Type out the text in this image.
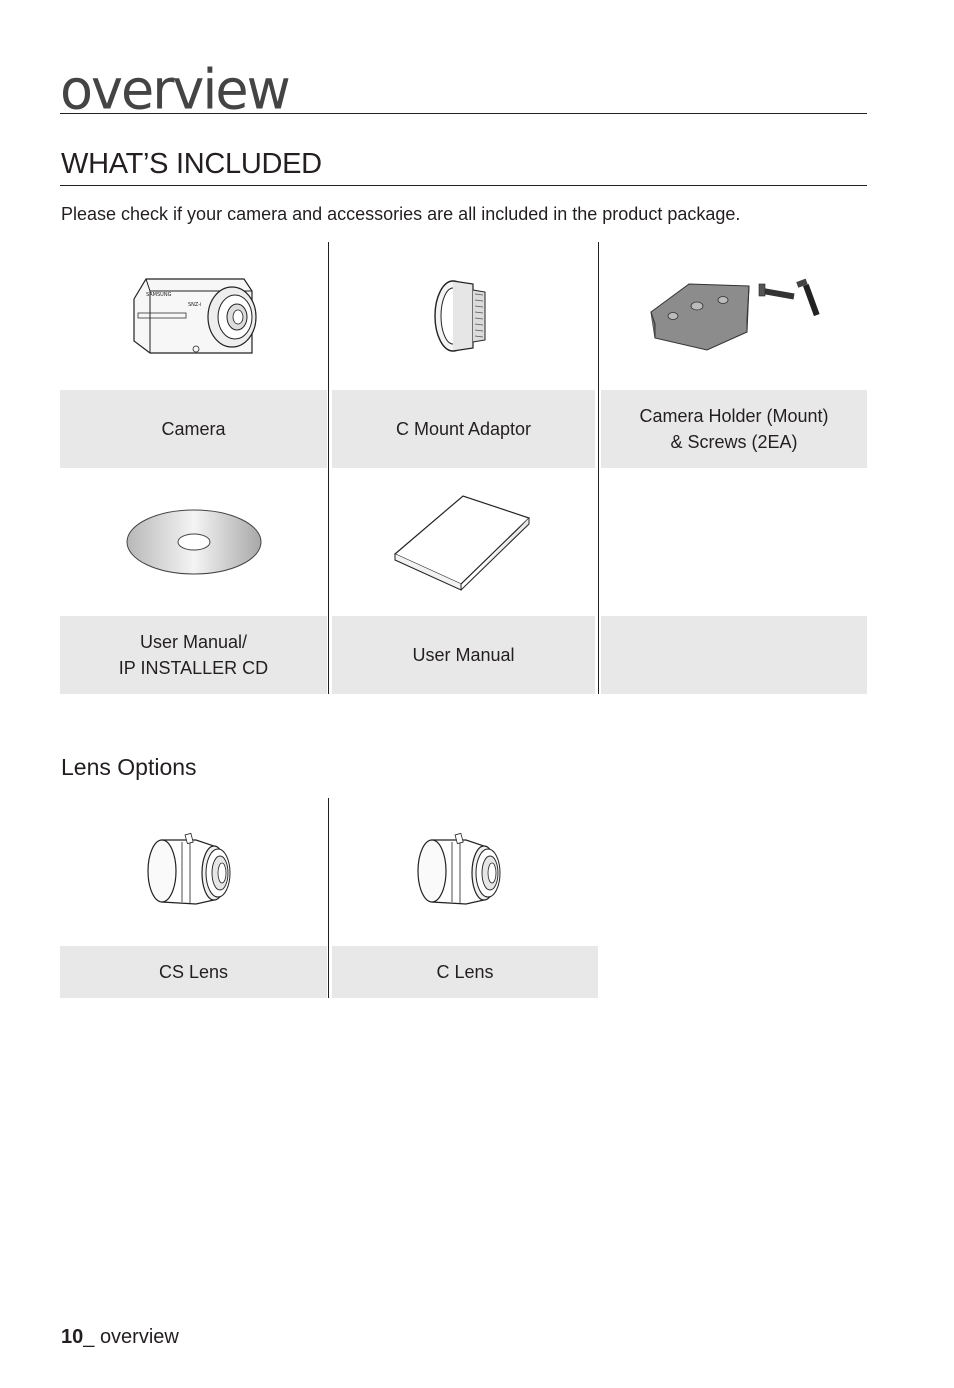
overview
WHAT’S INCLUDED
Please check if your camera and accessories are all included in the product package.
SAMSUNG
SNZ-i
Camera	C Mount Adaptor
Camera Holder (Mount)
& Screws (2EA)
User Manual/
IP INSTALLER CD
User Manual
Lens Options
CS Lens	C Lens
10_ overview
